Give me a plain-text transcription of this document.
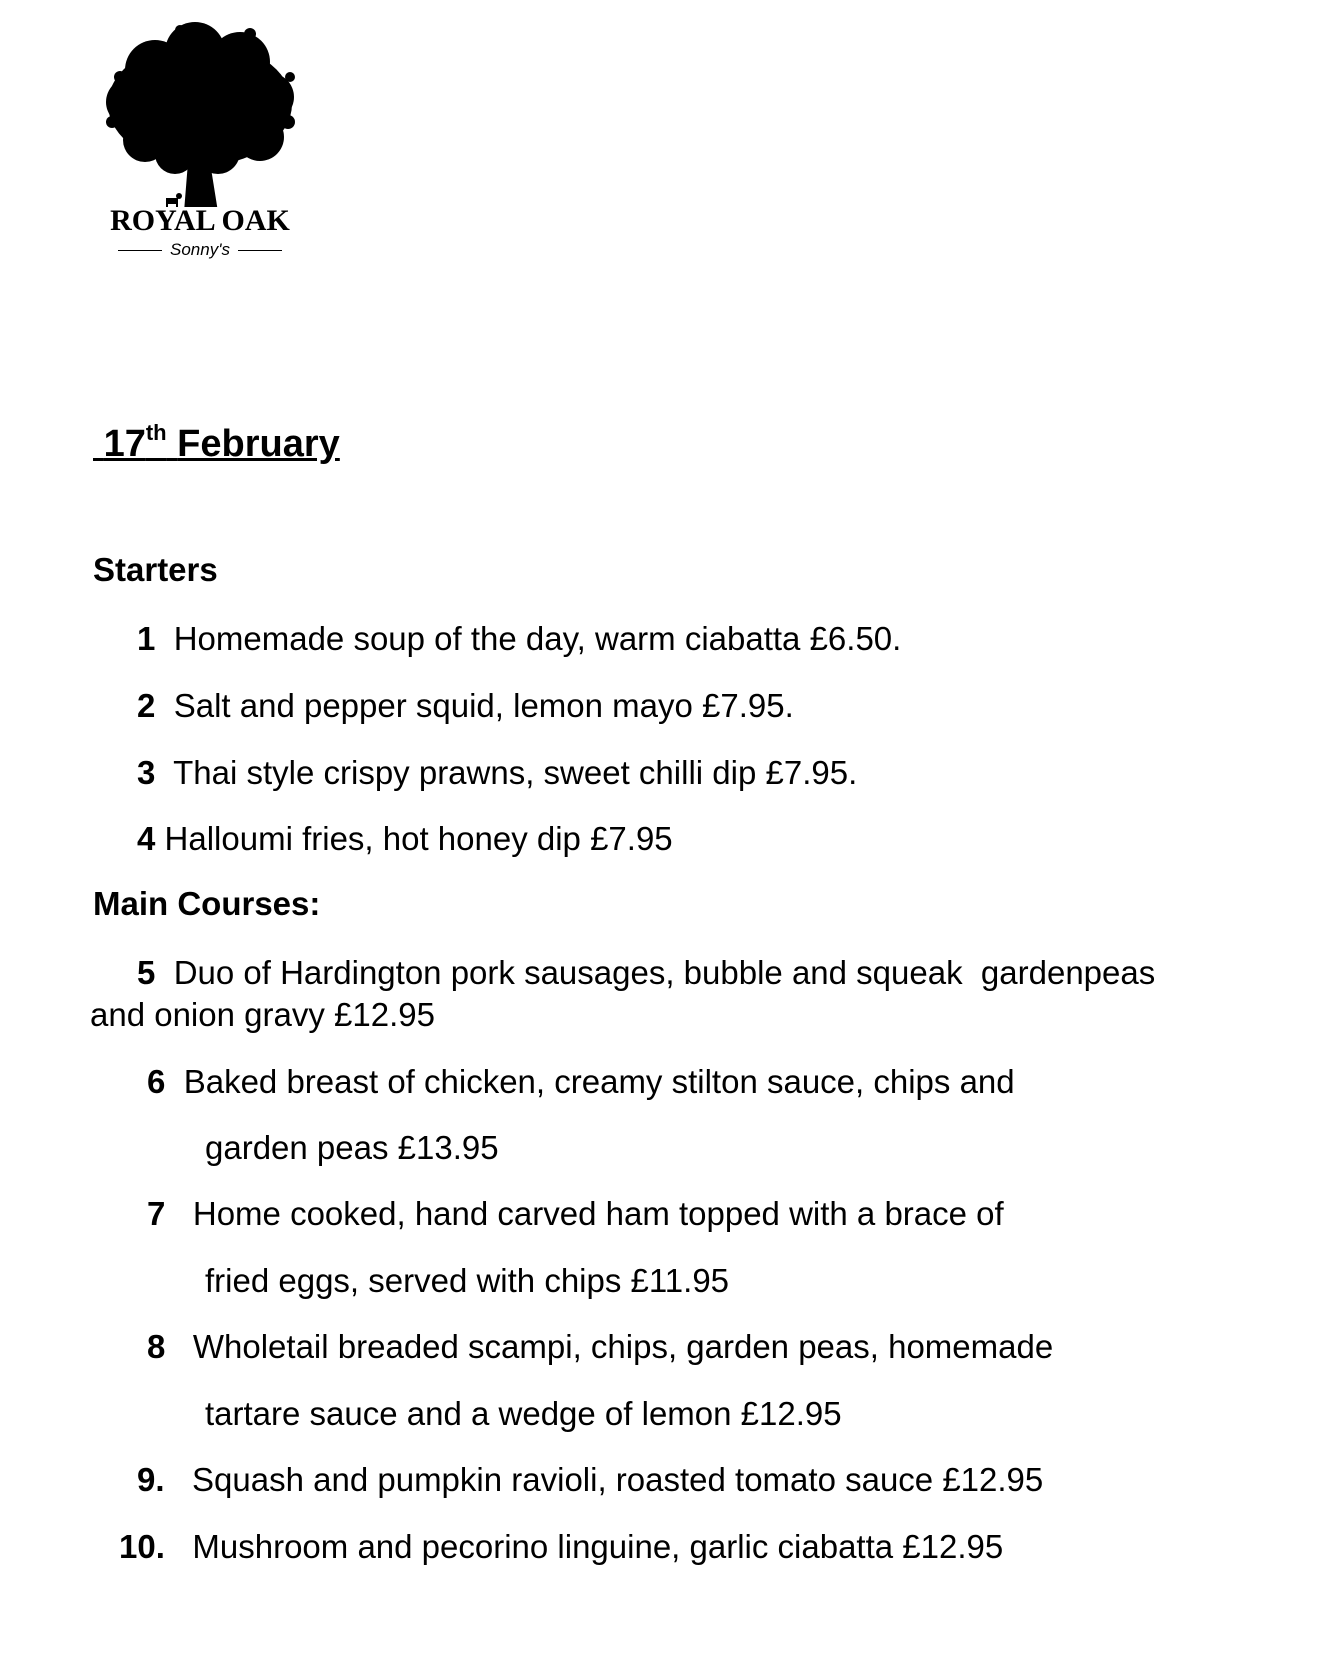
ROYAL OAK
Sonny's
17th February
Starters
1 Homemade soup of the day, warm ciabatta £6.50.
2 Salt and pepper squid, lemon mayo £7.95.
3 Thai style crispy prawns, sweet chilli dip £7.95.
4 Halloumi fries, hot honey dip £7.95
Main Courses:
5 Duo of Hardington pork sausages, bubble and squeak  gardenpeas
and onion gravy £12.95
6 Baked breast of chicken, creamy stilton sauce, chips and
garden peas £13.95
7 Home cooked, hand carved ham topped with a brace of
fried eggs, served with chips £11.95
8 Wholetail breaded scampi, chips, garden peas, homemade
tartare sauce and a wedge of lemon £12.95
9. Squash and pumpkin ravioli, roasted tomato sauce £12.95
10. Mushroom and pecorino linguine, garlic ciabatta £12.95
